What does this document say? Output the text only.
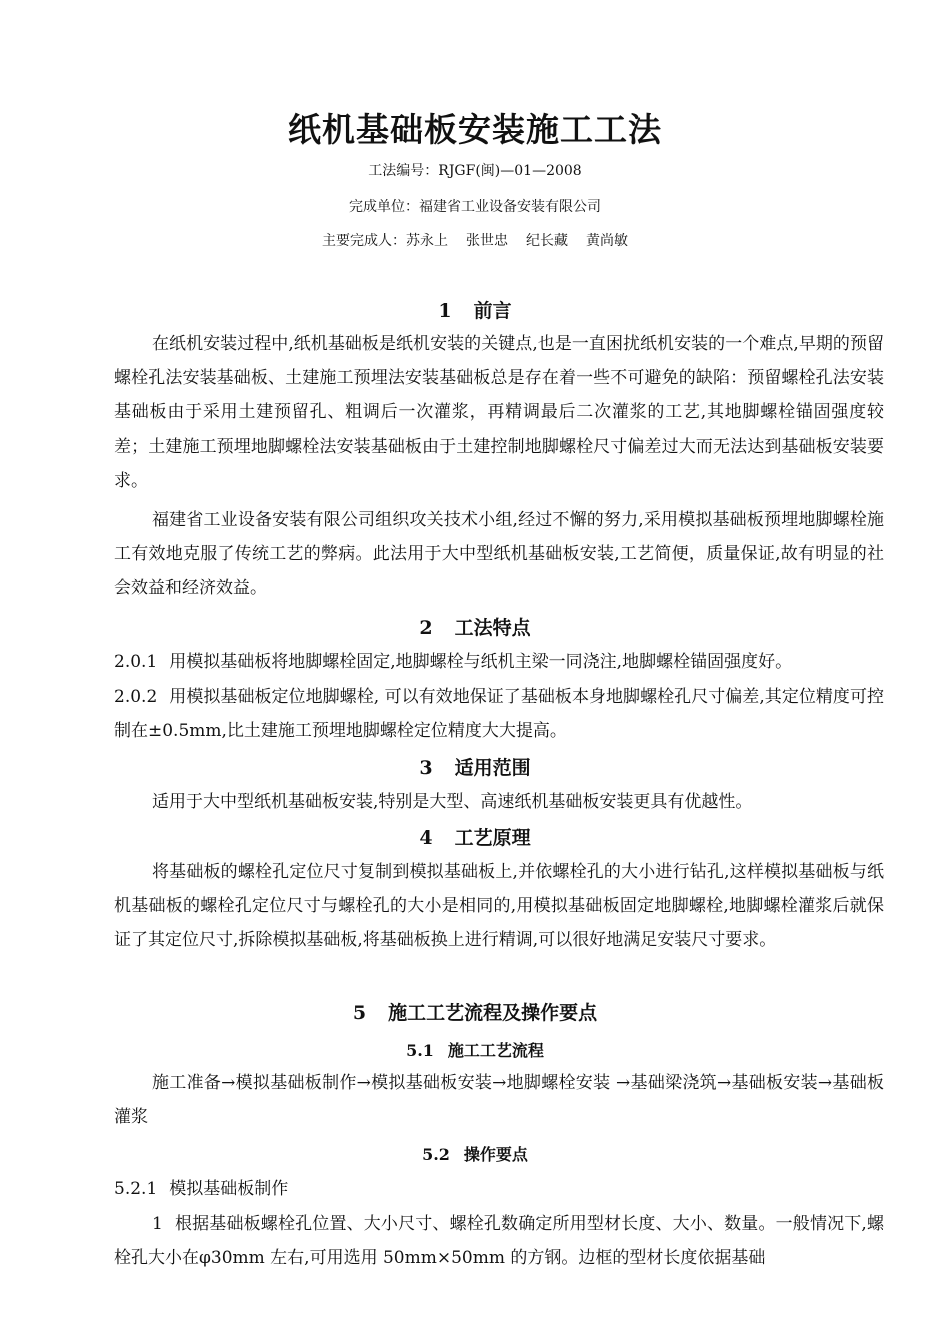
纸机基础板安装施工工法
工法编号：RJGF(闽)—01—2008
完成单位：福建省工业设备安装有限公司
主要完成人：苏永上 张世忠 纪长藏 黄尚敏
1 前言

在纸机安装过程中,纸机基础板是纸机安装的关键点,也是一直困扰纸机安装的一个难点,早期的预留螺栓孔法安装基础板、土建施工预埋法安装基础板总是存在着一些不可避免的缺陷：预留螺栓孔法安装基础板由于采用土建预留孔、粗调后一次灌浆，再精调最后二次灌浆的工艺,其地脚螺栓锚固强度较差；土建施工预埋地脚螺栓法安装基础板由于土建控制地脚螺栓尺寸偏差过大而无法达到基础板安装要求。

福建省工业设备安装有限公司组织攻关技术小组,经过不懈的努力,采用模拟基础板预埋地脚螺栓施工有效地克服了传统工艺的弊病。此法用于大中型纸机基础板安装,工艺简便，质量保证,故有明显的社会效益和经济效益。

2 工法特点

2.0.1 用模拟基础板将地脚螺栓固定,地脚螺栓与纸机主梁一同浇注,地脚螺栓锚固强度好。

2.0.2 用模拟基础板定位地脚螺栓, 可以有效地保证了基础板本身地脚螺栓孔尺寸偏差,其定位精度可控制在±0.5mm,比土建施工预埋地脚螺栓定位精度大大提高。

3 适用范围

适用于大中型纸机基础板安装,特别是大型、高速纸机基础板安装更具有优越性。

4 工艺原理

将基础板的螺栓孔定位尺寸复制到模拟基础板上,并依螺栓孔的大小进行钻孔,这样模拟基础板与纸机基础板的螺栓孔定位尺寸与螺栓孔的大小是相同的,用模拟基础板固定地脚螺栓,地脚螺栓灌浆后就保证了其定位尺寸,拆除模拟基础板,将基础板换上进行精调,可以很好地满足安装尺寸要求。

5 施工工艺流程及操作要点
5.1 施工工艺流程

施工准备→模拟基础板制作→模拟基础板安装→地脚螺栓安装 →基础梁浇筑→基础板安装→基础板灌浆

5.2 操作要点

5.2.1 模拟基础板制作

1 根据基础板螺栓孔位置、大小尺寸、螺栓孔数确定所用型材长度、大小、数量。一般情况下,螺栓孔大小在φ30mm 左右,可用选用 50mm×50mm 的方钢。边框的型材长度依据基础
